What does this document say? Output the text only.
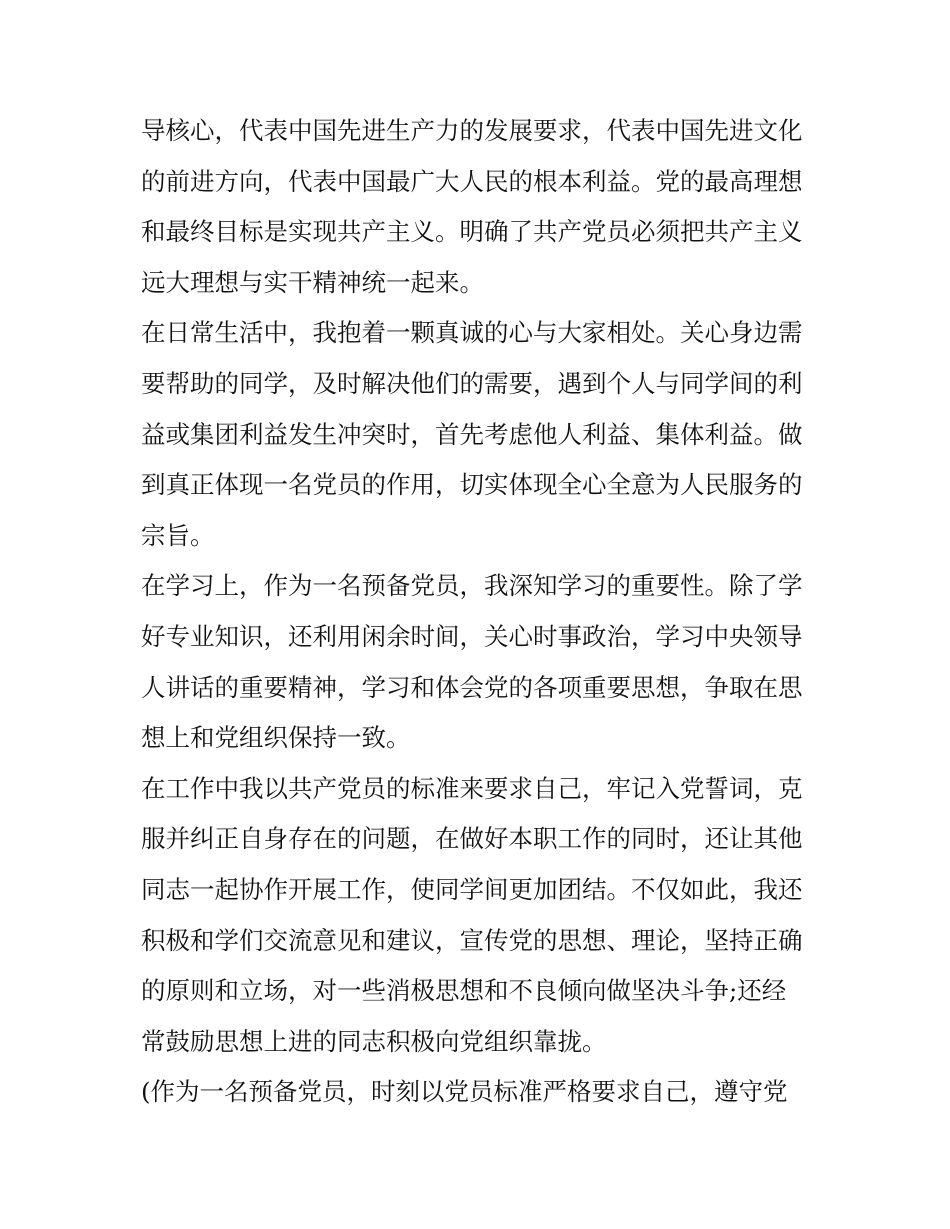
导核心，代表中国先进生产力的发展要求，代表中国先进文化
的前进方向，代表中国最广大人民的根本利益。党的最高理想
和最终目标是实现共产主义。明确了共产党员必须把共产主义
远大理想与实干精神统一起来。
在日常生活中，我抱着一颗真诚的心与大家相处。关心身边需
要帮助的同学，及时解决他们的需要，遇到个人与同学间的利
益或集团利益发生冲突时，首先考虑他人利益、集体利益。做
到真正体现一名党员的作用，切实体现全心全意为人民服务的
宗旨。
在学习上，作为一名预备党员，我深知学习的重要性。除了学
好专业知识，还利用闲余时间，关心时事政治，学习中央领导
人讲话的重要精神，学习和体会党的各项重要思想，争取在思
想上和党组织保持一致。
在工作中我以共产党员的标准来要求自己，牢记入党誓词，克
服并纠正自身存在的问题，在做好本职工作的同时，还让其他
同志一起协作开展工作，使同学间更加团结。不仅如此，我还
积极和学们交流意见和建议，宣传党的思想、理论，坚持正确
的原则和立场，对一些消极思想和不良倾向做坚决斗争;还经
常鼓励思想上进的同志积极向党组织靠拢。
(作为一名预备党员，时刻以党员标准严格要求自己，遵守党
